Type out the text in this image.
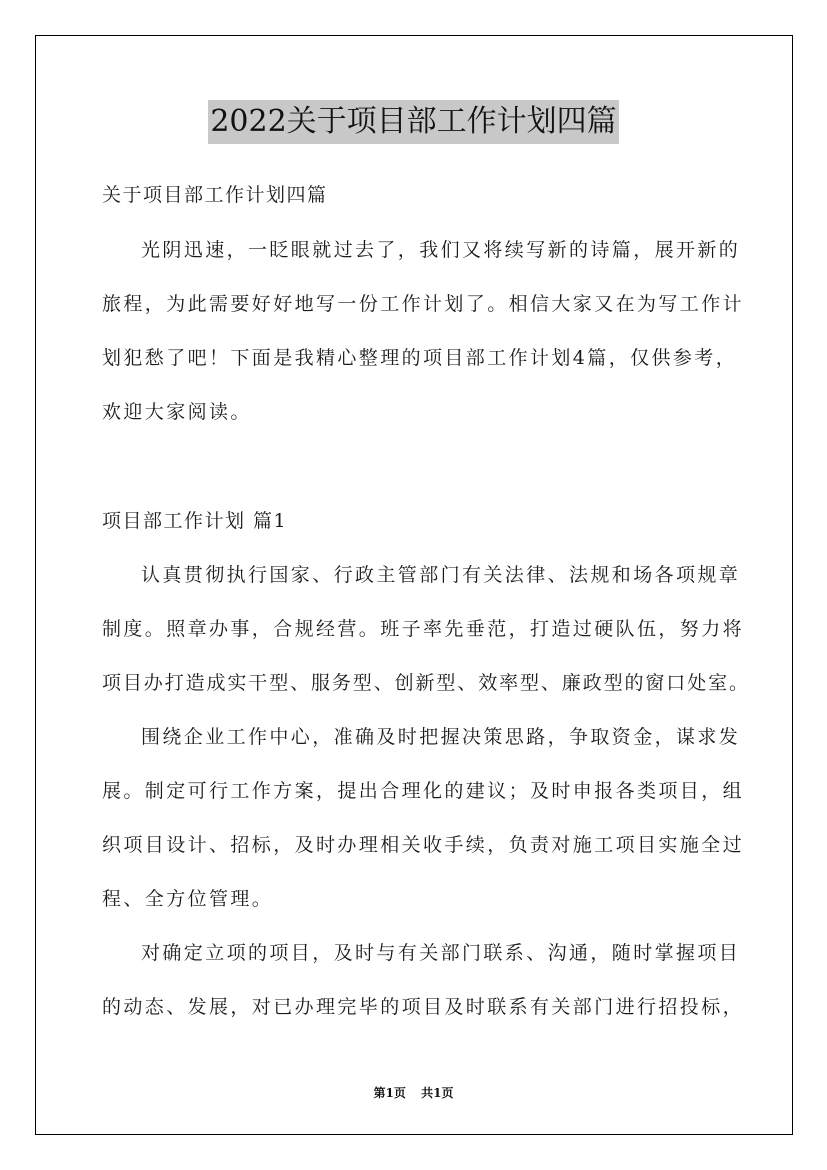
2022关于项目部工作计划四篇
关于项目部工作计划四篇
光阴迅速，一眨眼就过去了，我们又将续写新的诗篇，展开新的
旅程，为此需要好好地写一份工作计划了。相信大家又在为写工作计
划犯愁了吧！下面是我精心整理的项目部工作计划4篇，仅供参考，
欢迎大家阅读。
项目部工作计划 篇1
认真贯彻执行国家、行政主管部门有关法律、法规和场各项规章
制度。照章办事，合规经营。班子率先垂范，打造过硬队伍，努力将
项目办打造成实干型、服务型、创新型、效率型、廉政型的窗口处室。
围绕企业工作中心，准确及时把握决策思路，争取资金，谋求发
展。制定可行工作方案，提出合理化的建议；及时申报各类项目，组
织项目设计、招标，及时办理相关收手续，负责对施工项目实施全过
程、全方位管理。
对确定立项的项目，及时与有关部门联系、沟通，随时掌握项目
的动态、发展，对已办理完毕的项目及时联系有关部门进行招投标，
第1页 共1页
